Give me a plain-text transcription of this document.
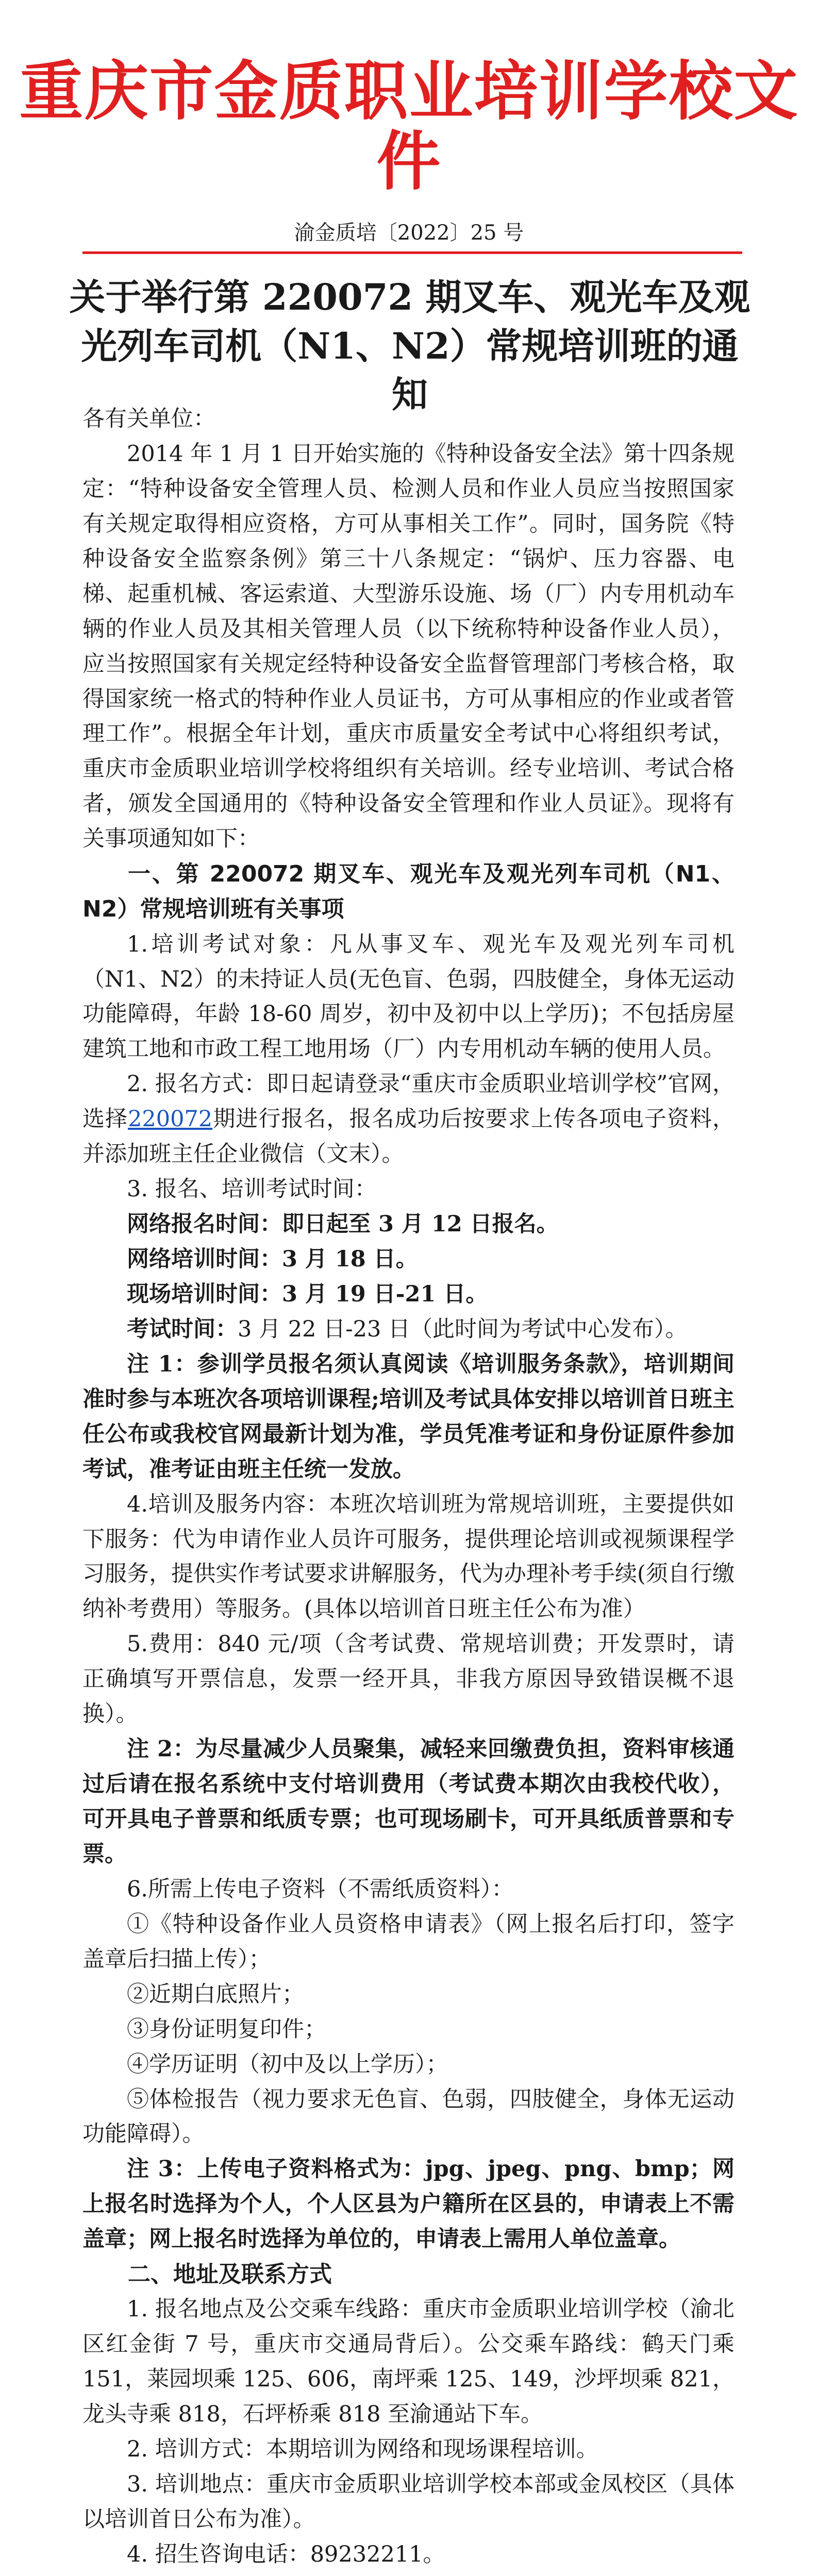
重庆市金质职业培训学校文件
渝金质培〔2022〕25 号
关于举行第 220072 期叉车、观光车及观光列车司机（N1、N2）常规培训班的通知

各有关单位：

2014 年 1 月 1 日开始实施的《特种设备安全法》第十四条规定：“特种设备安全管理人员、检测人员和作业人员应当按照国家有关规定取得相应资格，方可从事相关工作”。同时，国务院《特种设备安全监察条例》第三十八条规定：“锅炉、压力容器、电梯、起重机械、客运索道、大型游乐设施、场（厂）内专用机动车辆的作业人员及其相关管理人员（以下统称特种设备作业人员），应当按照国家有关规定经特种设备安全监督管理部门考核合格，取得国家统一格式的特种作业人员证书，方可从事相应的作业或者管理工作”。根据全年计划，重庆市质量安全考试中心将组织考试，重庆市金质职业培训学校将组织有关培训。经专业培训、考试合格者，颁发全国通用的《特种设备安全管理和作业人员证》。现将有关事项通知如下：

一、第 220072 期叉车、观光车及观光列车司机（N1、N2）常规培训班有关事项

1.培训考试对象：凡从事叉车、观光车及观光列车司机（N1、N2）的未持证人员(无色盲、色弱，四肢健全，身体无运动功能障碍，年龄 18-60 周岁，初中及初中以上学历)；不包括房屋建筑工地和市政工程工地用场（厂）内专用机动车辆的使用人员。

2. 报名方式：即日起请登录“重庆市金质职业培训学校”官网，选择220072期进行报名，报名成功后按要求上传各项电子资料，并添加班主任企业微信（文末）。

3. 报名、培训考试时间：

网络报名时间：即日起至 3 月 12 日报名。

网络培训时间：3 月 18 日。

现场培训时间：3 月 19 日-21 日。

考试时间：3 月 22 日-23 日（此时间为考试中心发布）。

注 1：参训学员报名须认真阅读《培训服务条款》，培训期间准时参与本班次各项培训课程;培训及考试具体安排以培训首日班主任公布或我校官网最新计划为准，学员凭准考证和身份证原件参加考试，准考证由班主任统一发放。

4.培训及服务内容：本班次培训班为常规培训班，主要提供如下服务：代为申请作业人员许可服务，提供理论培训或视频课程学习服务，提供实作考试要求讲解服务，代为办理补考手续(须自行缴纳补考费用）等服务。(具体以培训首日班主任公布为准）

5.费用：840 元/项（含考试费、常规培训费；开发票时，请正确填写开票信息，发票一经开具，非我方原因导致错误概不退换）。

注 2：为尽量减少人员聚集，减轻来回缴费负担，资料审核通过后请在报名系统中支付培训费用（考试费本期次由我校代收），可开具电子普票和纸质专票；也可现场刷卡，可开具纸质普票和专票。

6.所需上传电子资料（不需纸质资料）：

①《特种设备作业人员资格申请表》（网上报名后打印，签字盖章后扫描上传）；

②近期白底照片；

③身份证明复印件；

④学历证明（初中及以上学历）；

⑤体检报告（视力要求无色盲、色弱，四肢健全，身体无运动功能障碍）。

注 3：上传电子资料格式为：jpg、jpeg、png、bmp；网上报名时选择为个人，个人区县为户籍所在区县的，申请表上不需盖章；网上报名时选择为单位的，申请表上需用人单位盖章。

二、地址及联系方式

1. 报名地点及公交乘车线路：重庆市金质职业培训学校（渝北区红金街 7 号，重庆市交通局背后）。公交乘车路线：鹤天门乘 151，莱园坝乘 125、606，南坪乘 125、149，沙坪坝乘 821，龙头寺乘 818，石坪桥乘 818 至渝通站下车。

2. 培训方式：本期培训为网络和现场课程培训。

3. 培训地点：重庆市金质职业培训学校本部或金凤校区（具体以培训首日公布为准）。

4. 招生咨询电话：89232211。
